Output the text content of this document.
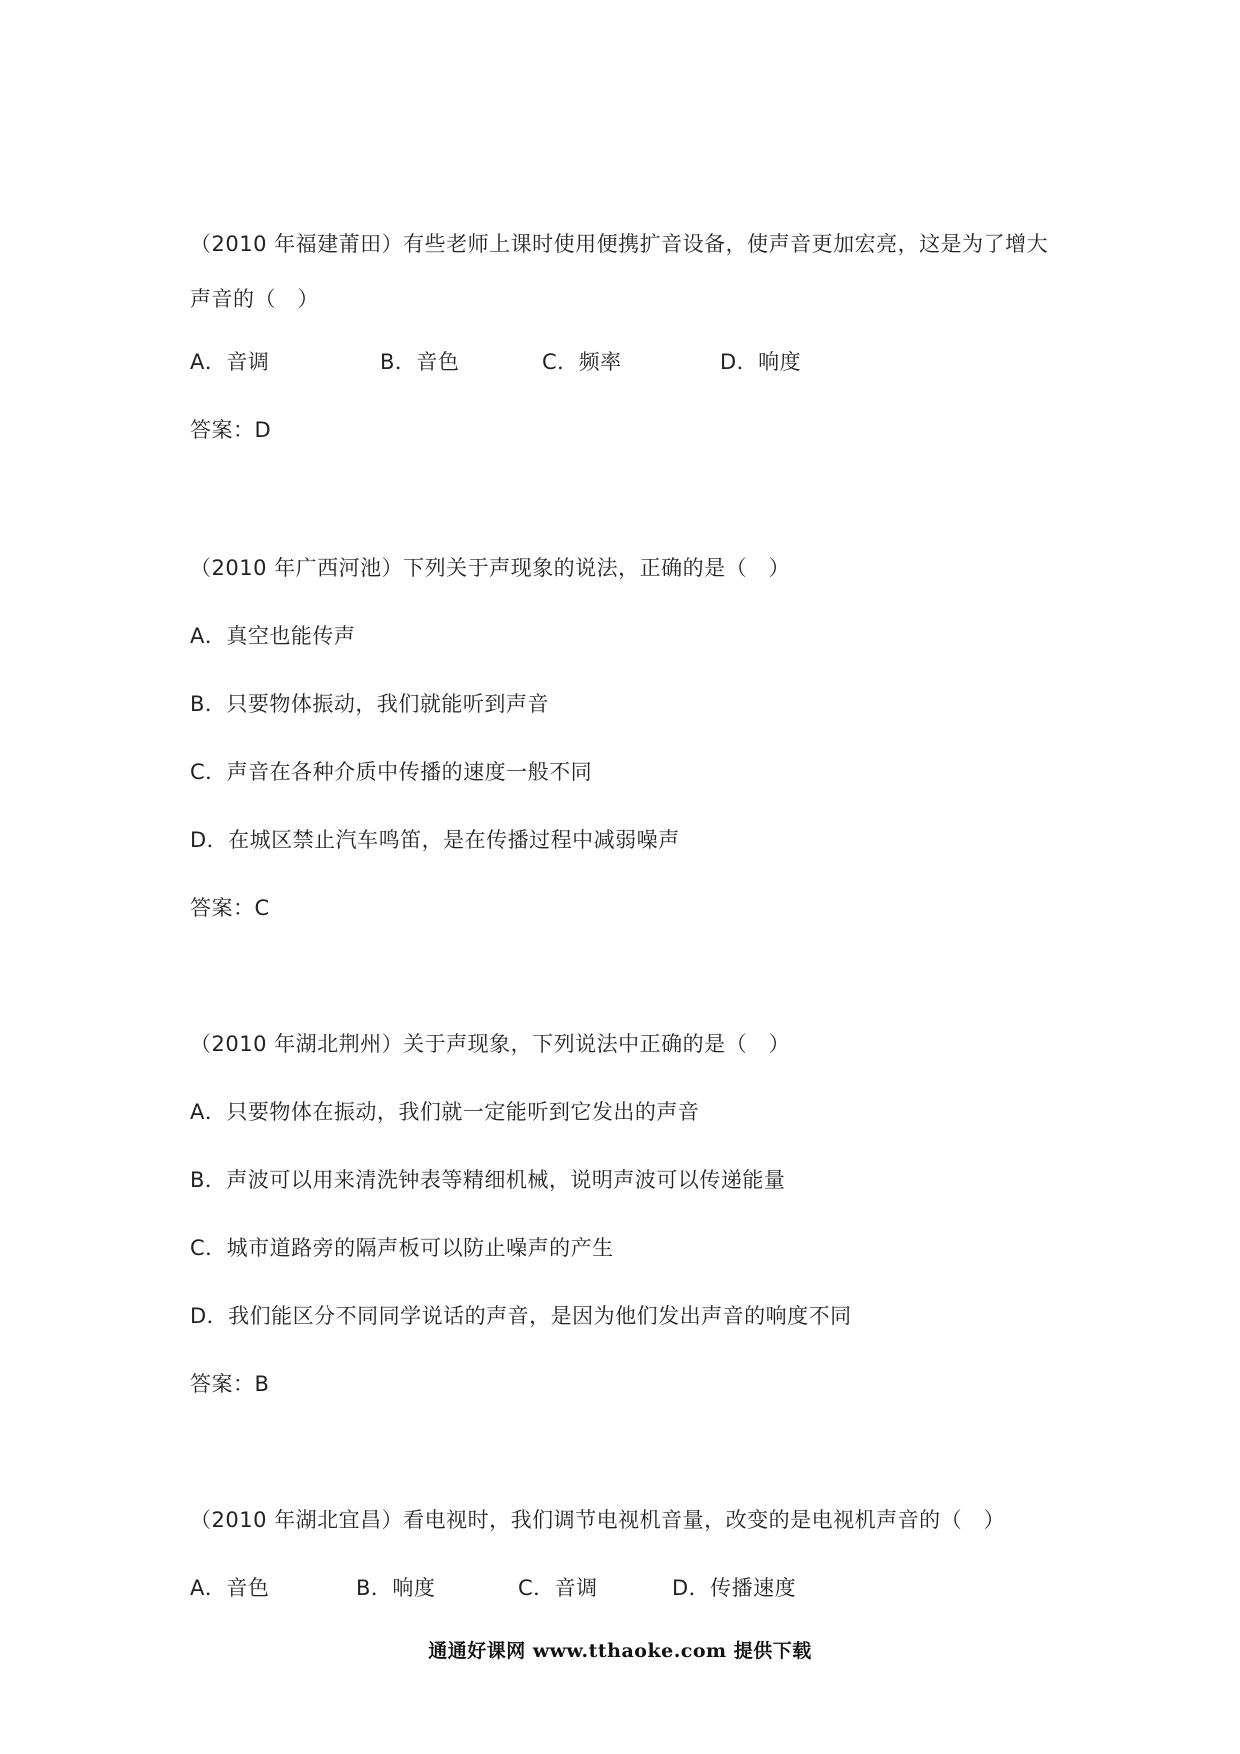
（2010 年福建莆田）有些老师上课时使用便携扩音设备，使声音更加宏亮，这是为了增大
声音的（　）
A．音调	B．音色	C．频率	D．响度
答案：D
（2010 年广西河池）下列关于声现象的说法，正确的是（　）
A．真空也能传声
B．只要物体振动，我们就能听到声音
C．声音在各种介质中传播的速度一般不同
D．在城区禁止汽车鸣笛，是在传播过程中减弱噪声
答案：C
（2010 年湖北荆州）关于声现象，下列说法中正确的是（　）
A．只要物体在振动，我们就一定能听到它发出的声音
B．声波可以用来清洗钟表等精细机械，说明声波可以传递能量
C．城市道路旁的隔声板可以防止噪声的产生
D．我们能区分不同同学说话的声音，是因为他们发出声音的响度不同
答案：B
（2010 年湖北宜昌）看电视时，我们调节电视机音量，改变的是电视机声音的（　）
A．音色	B．响度	C．音调	D．传播速度
通通好课网 www.tthaoke.com 提供下载
